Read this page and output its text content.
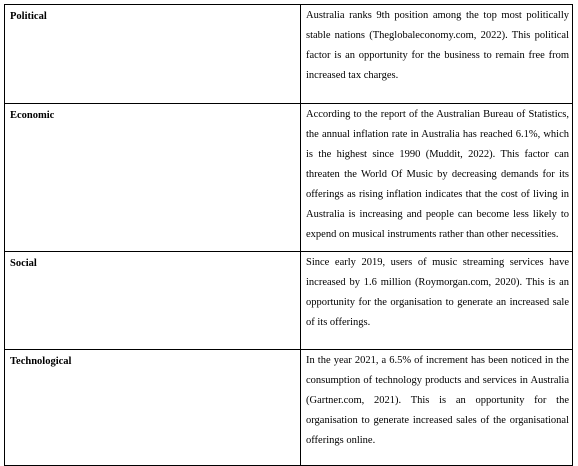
Political	Australia ranks 9th position among the top most politically stable nations (Theglobaleconomy.com, 2022). This political factor is an opportunity for the business to remain free from increased tax charges.
Economic	According to the report of the Australian Bureau of Statistics, the annual inflation rate in Australia has reached 6.1%, which is the highest since 1990 (Muddit, 2022). This factor can threaten the World Of Music by decreasing demands for its offerings as rising inflation indicates that the cost of living in Australia is increasing and people can become less likely to expend on musical instruments rather than other necessities.
Social	Since early 2019, users of music streaming services have increased by 1.6 million (Roymorgan.com, 2020). This is an opportunity for the organisation to generate an increased sale of its offerings.
Technological	In the year 2021, a 6.5% of increment has been noticed in the consumption of technology products and services in Australia (Gartner.com, 2021). This is an opportunity for the organisation to generate increased sales of the organisational offerings online.
